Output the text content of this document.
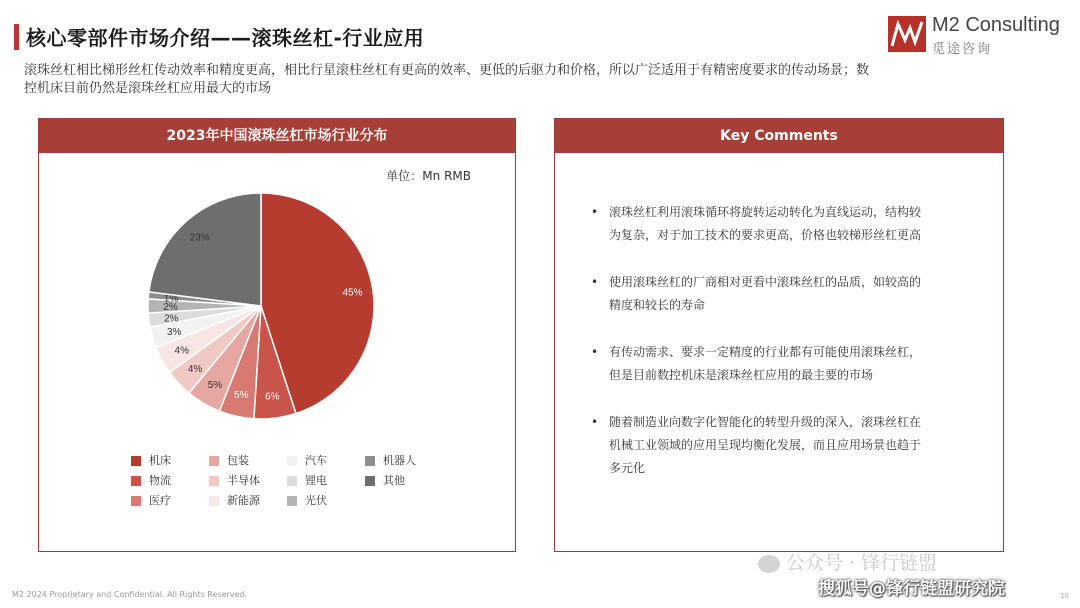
核心零部件市场介绍——滚珠丝杠-行业应用
M2 Consulting
觅途咨询
滚珠丝杠相比梯形丝杠传动效率和精度更高，相比行星滚柱丝杠有更高的效率、更低的后驱力和价格，所以广泛适用于有精密度要求的传动场景；数
控机床目前仍然是滚珠丝杠应用最大的市场
2023年中国滚珠丝杠市场行业分布
单位：Mn RMB
45%
6%
5%
5%
4%
4%
3%
2%
2%
1%
23%
机床	包装	汽车	机器人
物流	半导体	锂电	其他
医疗	新能源	光伏
Key Comments
• 滚珠丝杠利用滚珠循环将旋转运动转化为直线运动，结构较
为复杂，对于加工技术的要求更高，价格也较梯形丝杠更高
• 使用滚珠丝杠的厂商相对更看中滚珠丝杠的品质，如较高的
精度和较长的寿命
• 有传动需求、要求一定精度的行业都有可能使用滚珠丝杠，
但是目前数控机床是滚珠丝杠应用的最主要的市场
• 随着制造业向数字化智能化的转型升级的深入，滚珠丝杠在
机械工业领域的应用呈现均衡化发展，而且应用场景也趋于
多元化
M2 2024 Proprietary and Confidential. All Rights Reserved.
公众号 · 锋行链盟
搜狐号@锋行链盟研究院	10
